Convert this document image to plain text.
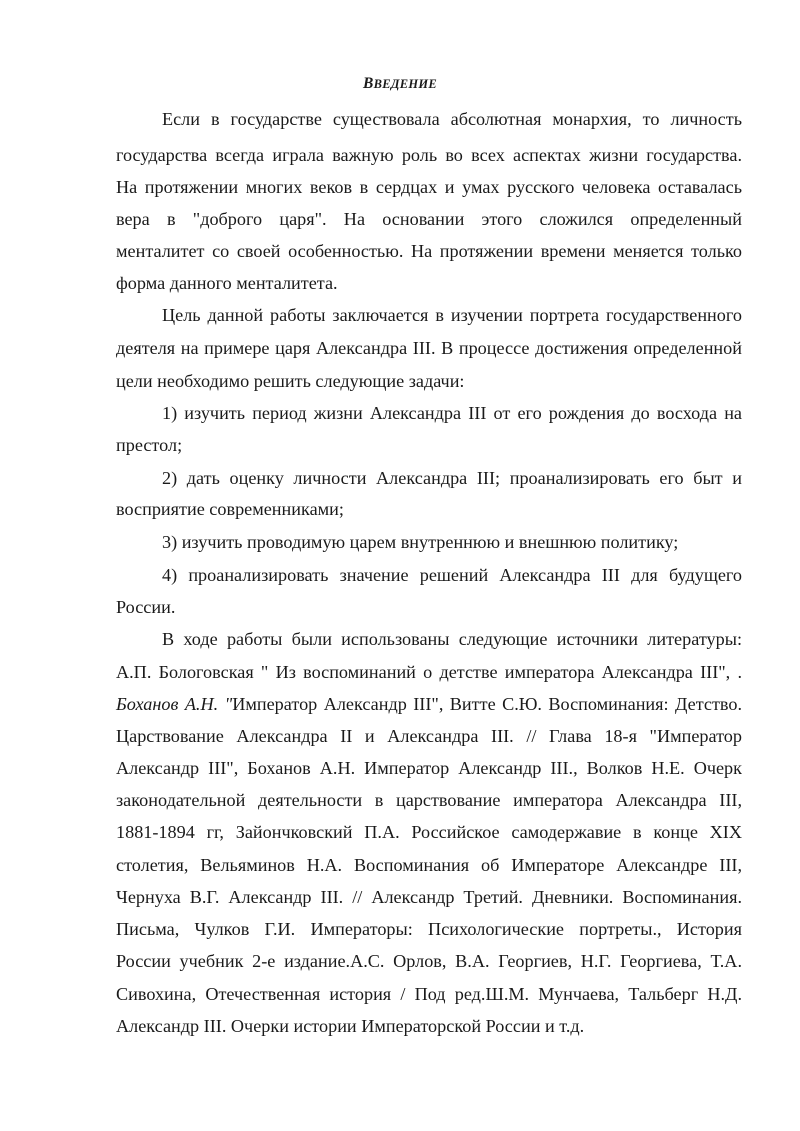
ВВЕДЕНИЕ
Если в государстве существовала абсолютная монархия, то личность
государства всегда играла важную роль во всех аспектах жизни государства.
На протяжении многих веков в сердцах и умах русского человека оставалась
вера в "доброго царя". На основании этого сложился определенный
менталитет со своей особенностью. На протяжении времени меняется только
форма данного менталитета.
Цель данной работы заключается в изучении портрета государственного
деятеля на примере царя Александра III. В процессе достижения определенной
цели необходимо решить следующие задачи:
1) изучить период жизни Александра III от его рождения до восхода на
престол;
2) дать оценку личности Александра III; проанализировать его быт и
восприятие современниками;
3) изучить проводимую царем внутреннюю и внешнюю политику;
4) проанализировать значение решений Александра III для будущего
России.
В ходе работы были использованы следующие источники литературы:
А.П. Бологовская " Из воспоминаний о детстве императора Александра III", .
Боханов А.Н. "Император Александр III", Витте С.Ю. Воспоминания: Детство.
Царствование Александра II и Александра III. // Глава 18-я "Император
Александр III", Боханов А.Н. Император Александр III., Волков Н.Е. Очерк
законодательной деятельности в царствование императора Александра III,
1881-1894 гг, Зайончковский П.А. Российское самодержавие в конце XIX
столетия, Вельяминов Н.А. Воспоминания об Императоре Александре III,
Чернуха В.Г. Александр III. // Александр Третий. Дневники. Воспоминания.
Письма, Чулков Г.И. Императоры: Психологические портреты., История
России учебник 2-е издание.А.С. Орлов, В.А. Георгиев, Н.Г. Георгиева, Т.А.
Сивохина, Отечественная история / Под ред.Ш.М. Мунчаева, Тальберг Н.Д.
Александр III. Очерки истории Императорской России и т.д.
